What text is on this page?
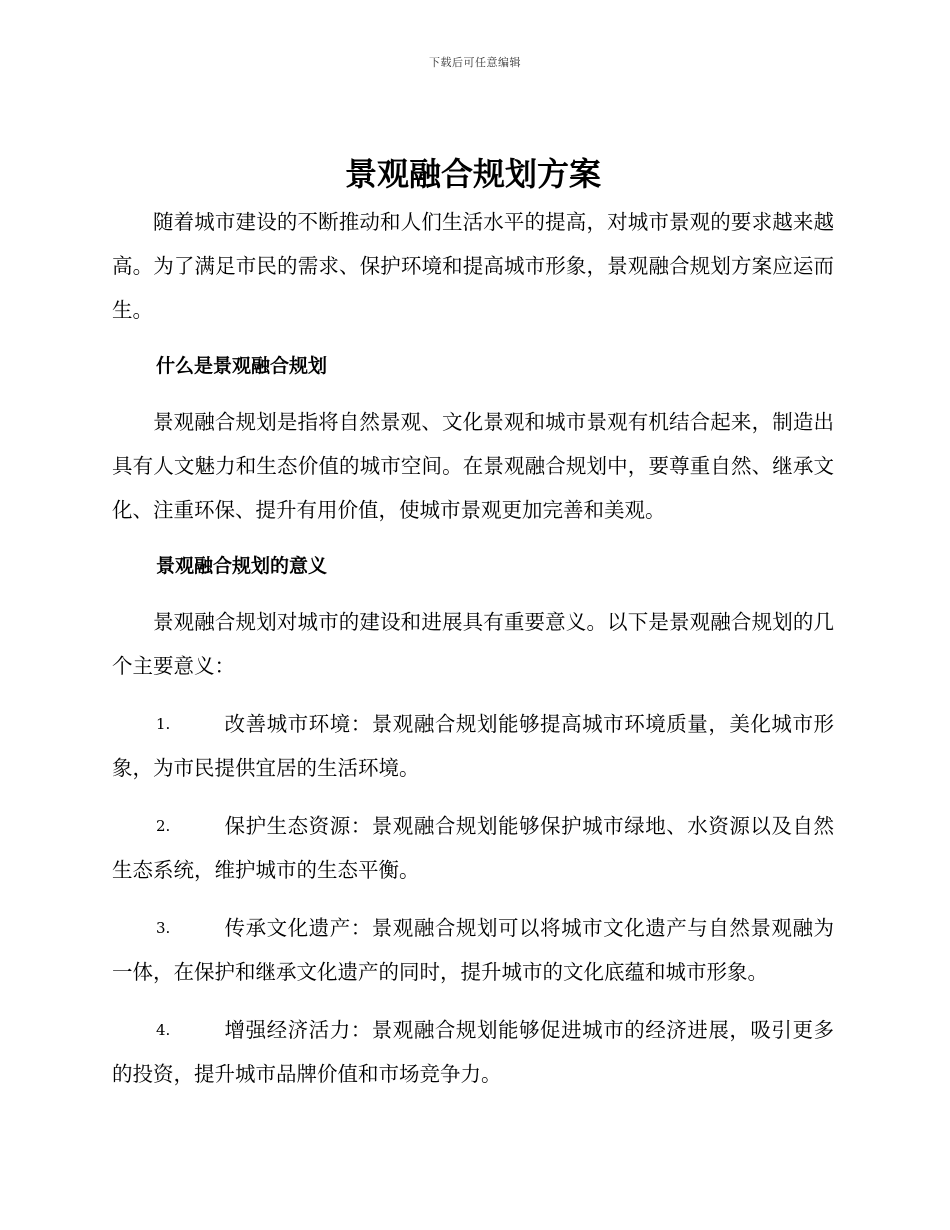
下载后可任意编辑
景观融合规划方案

随着城市建设的不断推动和人们生活水平的提高，对城市景观的要求越来越高。为了满足市民的需求、保护环境和提高城市形象，景观融合规划方案应运而生。

什么是景观融合规划

景观融合规划是指将自然景观、文化景观和城市景观有机结合起来，制造出具有人文魅力和生态价值的城市空间。在景观融合规划中，要尊重自然、继承文化、注重环保、提升有用价值，使城市景观更加完善和美观。

景观融合规划的意义

景观融合规划对城市的建设和进展具有重要意义。以下是景观融合规划的几个主要意义：

1.	改善城市环境：景观融合规划能够提高城市环境质量，美化城市形象，为市民提供宜居的生活环境。

2.	保护生态资源：景观融合规划能够保护城市绿地、水资源以及自然生态系统，维护城市的生态平衡。

3.	传承文化遗产：景观融合规划可以将城市文化遗产与自然景观融为一体，在保护和继承文化遗产的同时，提升城市的文化底蕴和城市形象。

4.	增强经济活力：景观融合规划能够促进城市的经济进展，吸引更多的投资，提升城市品牌价值和市场竞争力。
